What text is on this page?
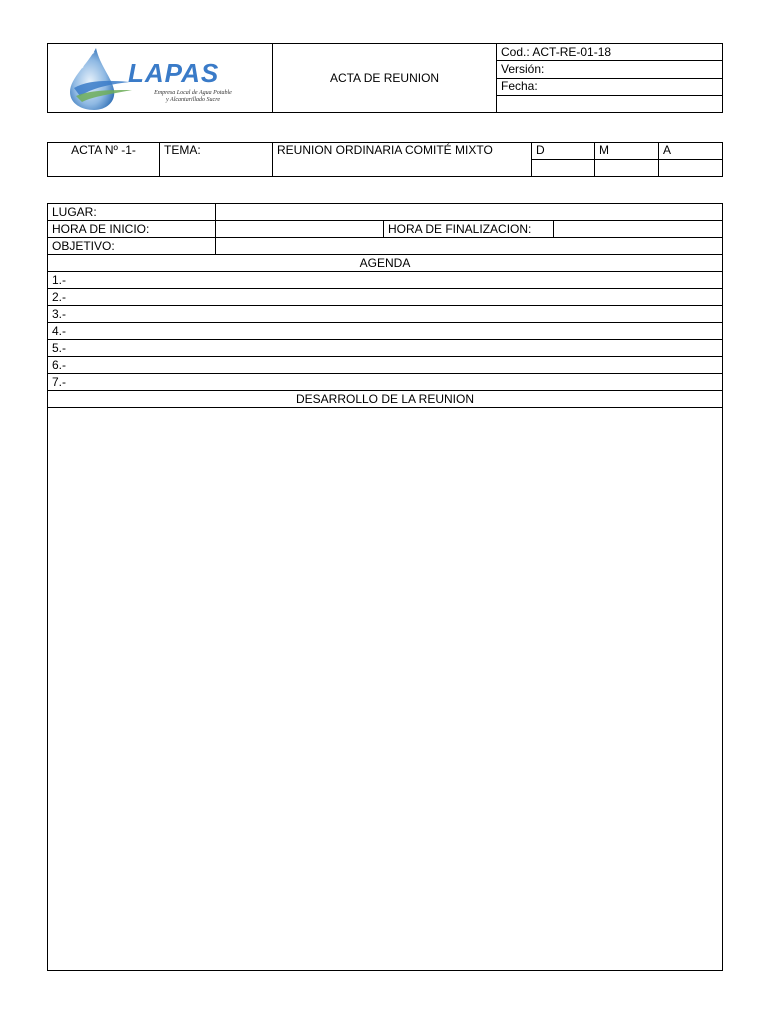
LAPAS
Empresa Local de Agua Potable
y Alcantarillado Sucre
	ACTA DE REUNION	Cod.: ACT-RE-01-18
Versión:
Fecha:

ACTA Nº -1-	TEMA:	REUNION ORDINARIA COMITÉ MIXTO	D	M	A

LUGAR:			
HORA DE INICIO:		HORA DE FINALIZACION:	
OBJETIVO:			
AGENDA			
1.-			
2.-			
3.-			
4.-			
5.-			
6.-			
7.-			
DESARROLLO DE LA REUNION			
